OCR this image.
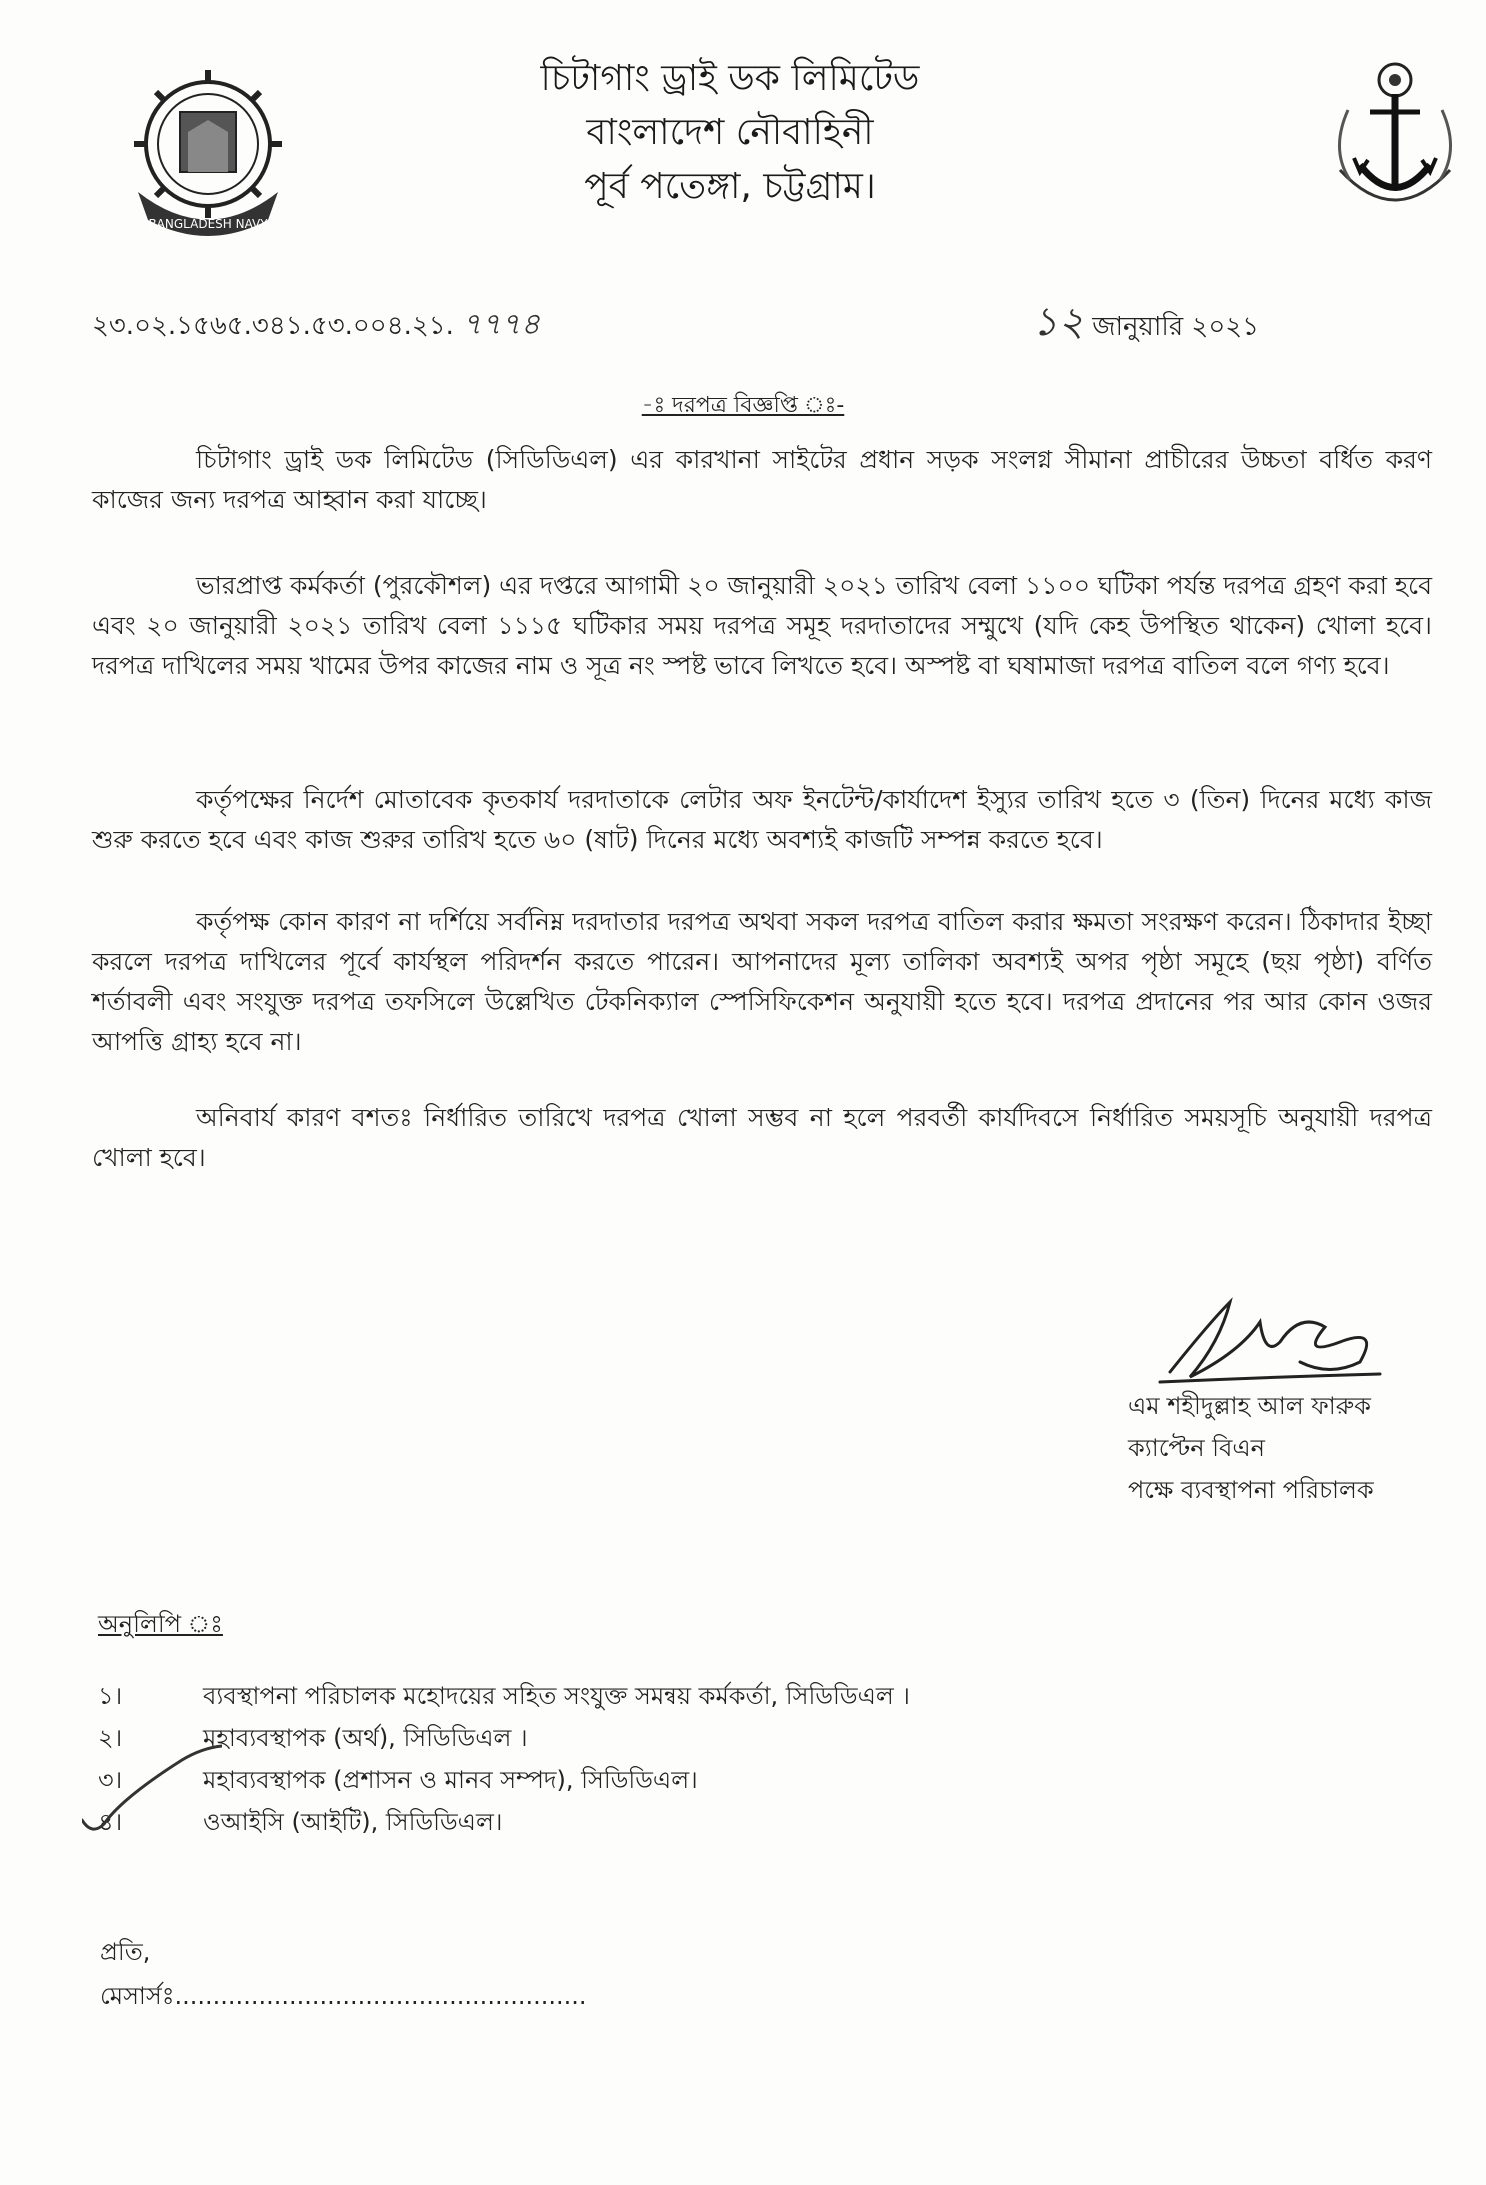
BANGLADESH NAVY
চিটাগাং ড্রাই ডক লিমিটেড
বাংলাদেশ নৌবাহিনী
পূর্ব পতেঙ্গা, চট্টগ্রাম।
২৩.০২.১৫৬৫.৩৪১.৫৩.০০৪.২১. ৭৭৭৪	১২ জানুয়ারি ২০২১
-ঃ দরপত্র বিজ্ঞপ্তি ঃ-

চিটাগাং ড্রাই ডক লিমিটেড (সিডিডিএল) এর কারখানা সাইটের প্রধান সড়ক সংলগ্ন সীমানা প্রাচীরের উচ্চতা বর্ধিত করণ কাজের জন্য দরপত্র আহ্বান করা যাচ্ছে।

ভারপ্রাপ্ত কর্মকর্তা (পুরকৌশল) এর দপ্তরে আগামী ২০ জানুয়ারী ২০২১ তারিখ বেলা ১১০০ ঘটিকা পর্যন্ত দরপত্র গ্রহণ করা হবে এবং ২০ জানুয়ারী ২০২১ তারিখ বেলা ১১১৫ ঘটিকার সময় দরপত্র সমূহ দরদাতাদের সম্মুখে (যদি কেহ উপস্থিত থাকেন) খোলা হবে। দরপত্র দাখিলের সময় খামের উপর কাজের নাম ও সূত্র নং স্পষ্ট ভাবে লিখতে হবে। অস্পষ্ট বা ঘষামাজা দরপত্র বাতিল বলে গণ্য হবে।

কর্তৃপক্ষের নির্দেশ মোতাবেক কৃতকার্য দরদাতাকে লেটার অফ ইনটেন্ট/কার্যাদেশ ইস্যুর তারিখ হতে ৩ (তিন) দিনের মধ্যে কাজ শুরু করতে হবে এবং কাজ শুরুর তারিখ হতে ৬০ (ষাট) দিনের মধ্যে অবশ্যই কাজটি সম্পন্ন করতে হবে।

কর্তৃপক্ষ কোন কারণ না দর্শিয়ে সর্বনিম্ন দরদাতার দরপত্র অথবা সকল দরপত্র বাতিল করার ক্ষমতা সংরক্ষণ করেন। ঠিকাদার ইচ্ছা করলে দরপত্র দাখিলের পূর্বে কার্যস্থল পরিদর্শন করতে পারেন। আপনাদের মূল্য তালিকা অবশ্যই অপর পৃষ্ঠা সমূহে (ছয় পৃষ্ঠা) বর্ণিত শর্তাবলী এবং সংযুক্ত দরপত্র তফসিলে উল্লেখিত টেকনিক্যাল স্পেসিফিকেশন অনুযায়ী হতে হবে। দরপত্র প্রদানের পর আর কোন ওজর আপত্তি গ্রাহ্য হবে না।

অনিবার্য কারণ বশতঃ নির্ধারিত তারিখে দরপত্র খোলা সম্ভব না হলে পরবর্তী কার্যদিবসে নির্ধারিত সময়সূচি অনুযায়ী দরপত্র খোলা হবে।

এম শহীদুল্লাহ আল ফারুক
ক্যাপ্টেন বিএন
পক্ষে ব্যবস্থাপনা পরিচালক
অনুলিপি ঃ
১।	ব্যবস্থাপনা পরিচালক মহোদয়ের সহিত সংযুক্ত সমন্বয় কর্মকর্তা, সিডিডিএল ।
২।	মহাব্যবস্থাপক (অর্থ), সিডিডিএল ।
৩।	মহাব্যবস্থাপক (প্রশাসন ও মানব সম্পদ), সিডিডিএল।
৪।	ওআইসি (আইটি), সিডিডিএল।
প্রতি,
মেসার্সঃ......................................................
